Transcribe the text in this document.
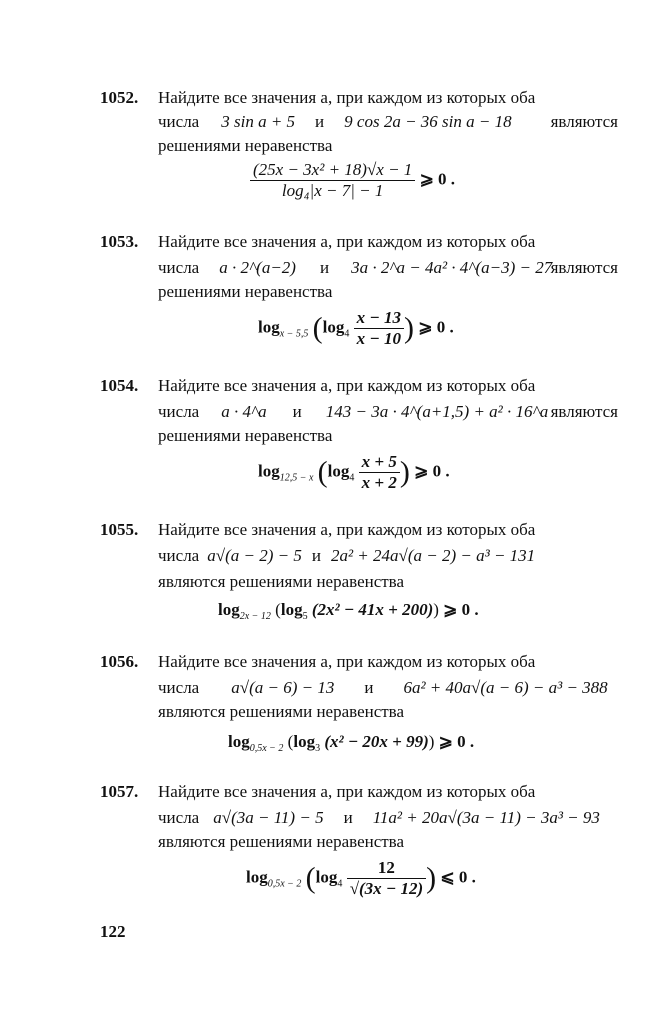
1052. Найдите все значения a, при каждом из которых оба
числа 3 sin a + 5 и 9 cos 2a − 36 sin a − 18 являются
решениями неравенства
$\frac{\text{(25x − 3x² + 18)√x − 1}}{\text{log₄|x − 7| − 1}}$ ⩾ 0 .
1053. Найдите все значения a, при каждом из которых оба
числа a · 2^(a−2) и 3a · 2^a − 4a² · 4^(a−3) − 27
являются
решениями неравенства
$\log_{x - 5,5} (\log_4 \frac{x - 13}{x - 10}$ ) ⩾ 0 .
1054. Найдите все значения a, при каждом из которых оба
числа a · 4^a и 143 − 3a · 4^(a+1,5) + a² · 16^a являются
решениями неравенства
$\log_{12,5 - x} (\log_4 \frac{x + 5}{x + 2}$ ) ⩾ 0 .
1055. Найдите все значения a, при каждом из которых оба
числа a√(a − 2) − 5 и 2a² + 24a√(a − 2) − a³ − 131
являются решениями неравенства
$\log_{2x - 12} (\log_5$ (2x² − 41x + 200)) ⩾ 0 .
1056. Найдите все значения a, при каждом из которых оба
числа a√(a − 6) − 13 и 6a² + 40a√(a − 6) − a³ − 388
являются решениями неравенства
$\log_{0,5x - 2} (\log_3$ (x² − 20x + 99)) ⩾ 0 .
1057. Найдите все значения a, при каждом из которых оба
числа a√(3a − 11) − 5 и 11a² + 20a√(3a − 11) − 3a³ − 93
являются решениями неравенства
$\log_{0,5x - 2} (\log_4 \frac{12}{√(3x - 12)}$ ) ⩽ 0 .
122
